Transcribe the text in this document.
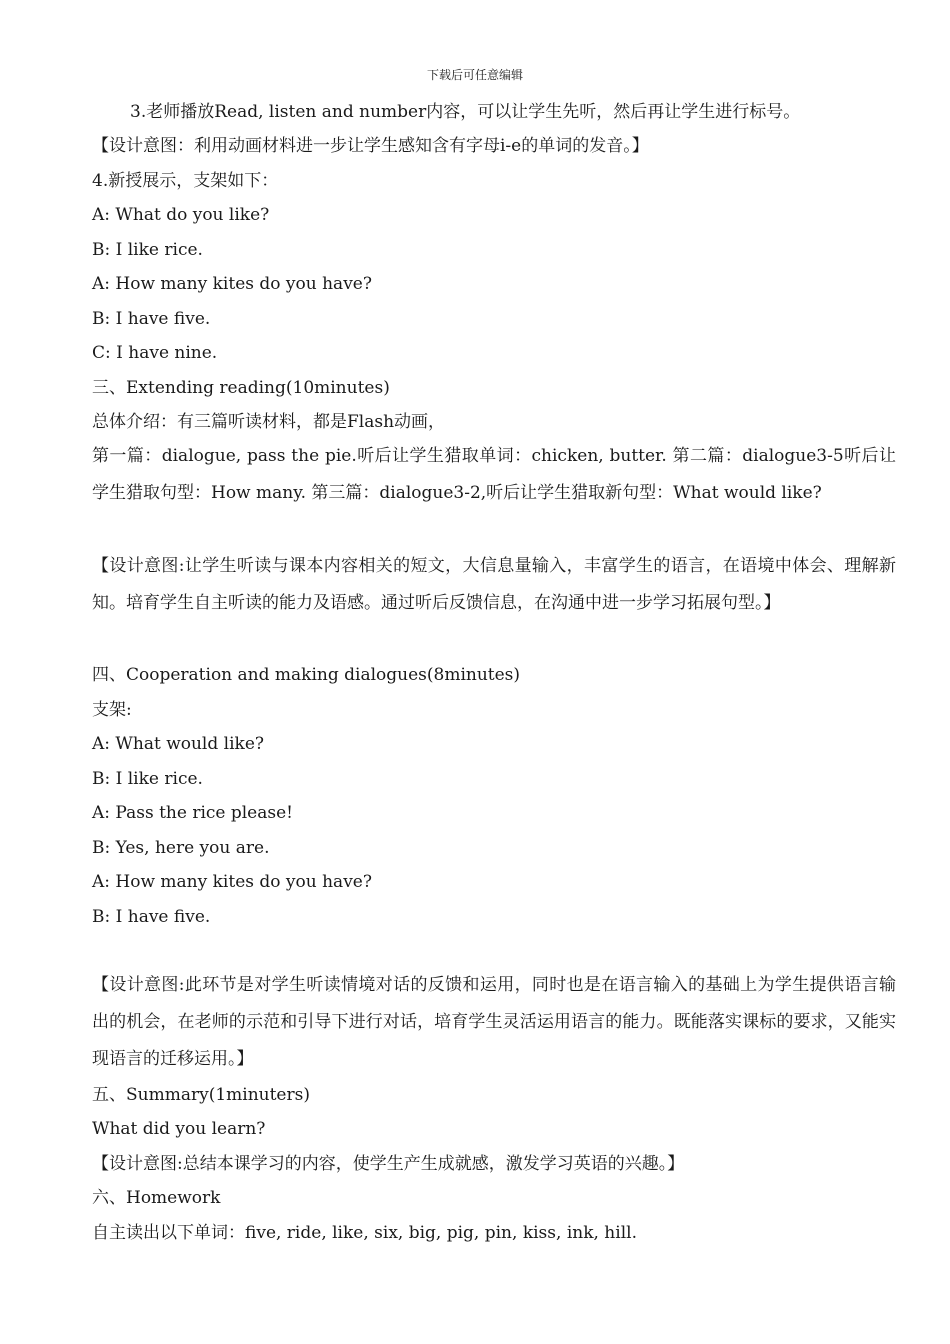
下载后可任意编辑
3.老师播放Read, listen and number内容，可以让学生先听，然后再让学生进行标号。
【设计意图：利用动画材料进一步让学生感知含有字母i-e的单词的发音。】
4.新授展示，支架如下：
A: What do you like?
B: I like rice.
A: How many kites do you have?
B: I have five.
C: I have nine.
三、Extending reading(10minutes)
总体介绍：有三篇听读材料，都是Flash动画，
第一篇：dialogue, pass the pie.听后让学生猎取单词：chicken, butter. 第二篇：dialogue3-5听后让学生猎取句型：How many. 第三篇：dialogue3-2,听后让学生猎取新句型：What would like?
【设计意图:让学生听读与课本内容相关的短文，大信息量输入，丰富学生的语言，在语境中体会、理解新知。培育学生自主听读的能力及语感。通过听后反馈信息，在沟通中进一步学习拓展句型。】
四、Cooperation and making dialogues(8minutes)
支架:
A: What would like?
B: I like rice.
A: Pass the rice please!
B: Yes, here you are.
A: How many kites do you have?
B: I have five.
【设计意图:此环节是对学生听读情境对话的反馈和运用，同时也是在语言输入的基础上为学生提供语言输出的机会，在老师的示范和引导下进行对话，培育学生灵活运用语言的能力。既能落实课标的要求，又能实现语言的迁移运用。】
五、Summary(1minuters)
What did you learn?
【设计意图:总结本课学习的内容，使学生产生成就感，激发学习英语的兴趣。】
六、Homework
自主读出以下单词：five, ride, like, six, big, pig, pin, kiss, ink, hill.
